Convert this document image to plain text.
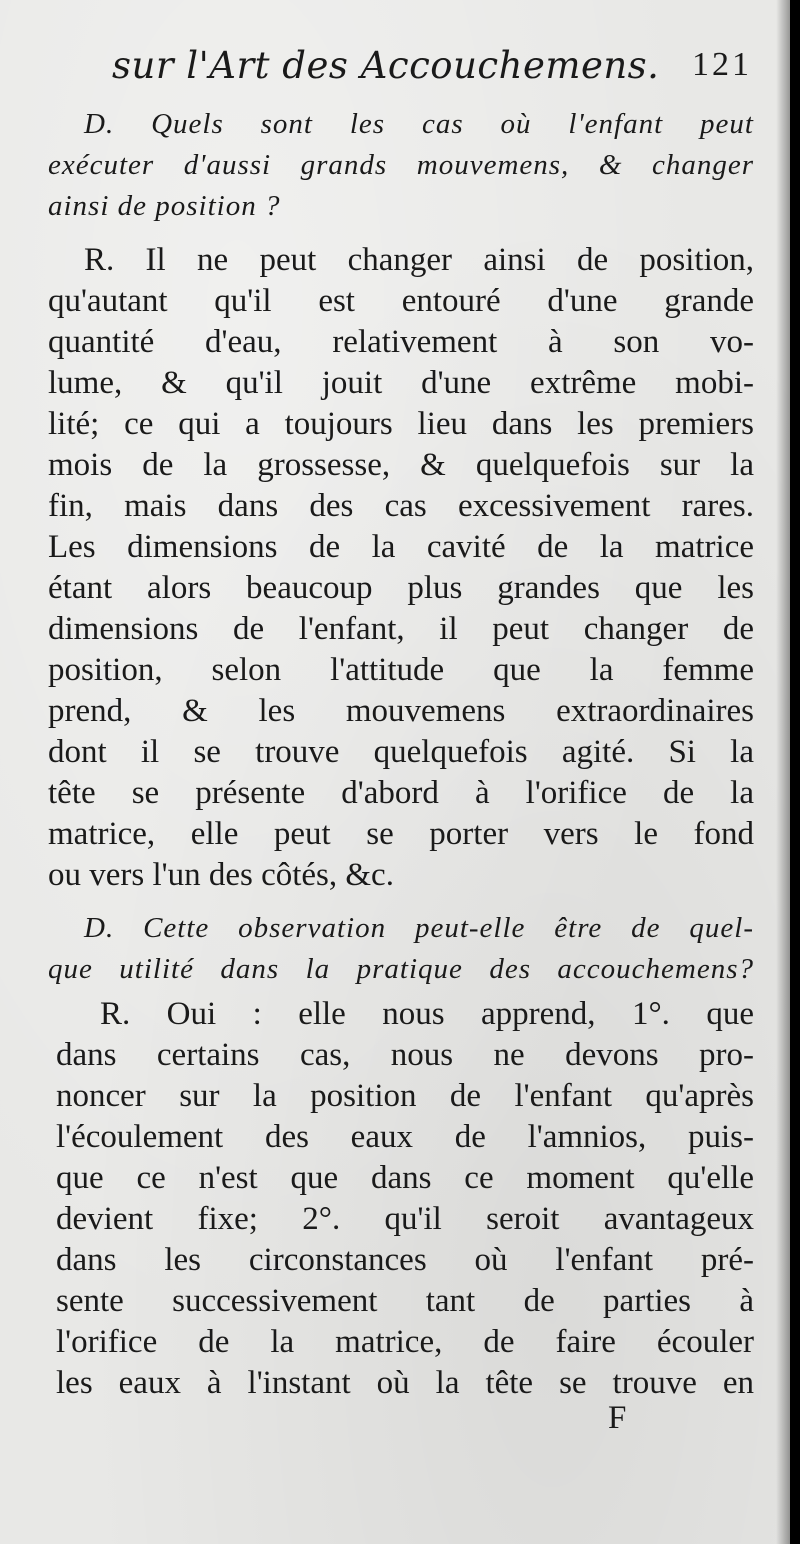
sur l'Art des Accouchemens. 121
D. Quels sont les cas où l'enfant peut
exécuter d'aussi grands mouvemens, & changer
ainsi de position ?
R. Il ne peut changer ainsi de position,
qu'autant qu'il est entouré d'une grande
quantité d'eau, relativement à son vo-
lume, & qu'il jouit d'une extrême mobi-
lité; ce qui a toujours lieu dans les premiers
mois de la grossesse, & quelquefois sur la
fin, mais dans des cas excessivement rares.
Les dimensions de la cavité de la matrice
étant alors beaucoup plus grandes que les
dimensions de l'enfant, il peut changer de
position, selon l'attitude que la femme
prend, & les mouvemens extraordinaires
dont il se trouve quelquefois agité. Si la
tête se présente d'abord à l'orifice de la
matrice, elle peut se porter vers le fond
ou vers l'un des côtés, &c.
D. Cette observation peut-elle être de quel-
que utilité dans la pratique des accouchemens?
R. Oui : elle nous apprend, 1°. que
dans certains cas, nous ne devons pro-
noncer sur la position de l'enfant qu'après
l'écoulement des eaux de l'amnios, puis-
que ce n'est que dans ce moment qu'elle
devient fixe; 2°. qu'il seroit avantageux
dans les circonstances où l'enfant pré-
sente successivement tant de parties à
l'orifice de la matrice, de faire écouler
les eaux à l'instant où la tête se trouve en
F
